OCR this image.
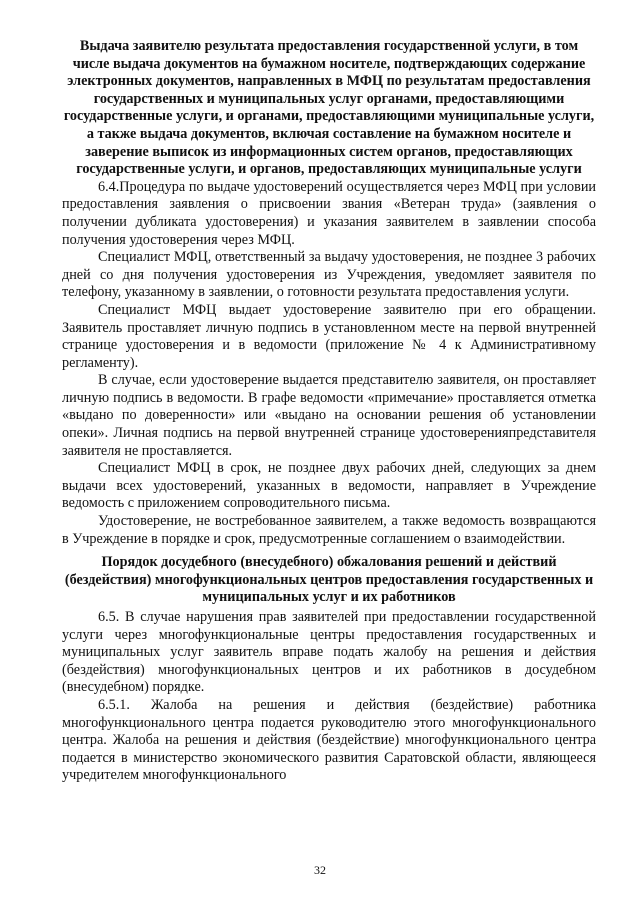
Выдача заявителю результата предоставления государственной услуги, в том числе выдача документов на бумажном носителе, подтверждающих содержание электронных документов, направленных в МФЦ по результатам предоставления государственных и муниципальных услуг органами, предоставляющими государственные услуги, и органами, предоставляющими муниципальные услуги, а также выдача документов, включая составление на бумажном носителе и заверение выписок из информационных систем органов, предоставляющих государственные услуги, и органов, предоставляющих муниципальные услуги

6.4.Процедура по выдаче удостоверений осуществляется через МФЦ при условии предоставления заявления о присвоении звания «Ветеран труда» (заявления о получении дубликата удостоверения) и указания заявителем в заявлении способа получения удостоверения через МФЦ.

Специалист МФЦ, ответственный за выдачу удостоверения, не позднее 3 рабочих дней со дня получения удостоверения из Учреждения, уведомляет заявителя по телефону, указанному в заявлении, о готовности результата предоставления услуги.

Специалист МФЦ выдает удостоверение заявителю при его обращении. Заявитель проставляет личную подпись в установленном месте на первой внутренней странице удостоверения и в ведомости (приложение № 4 к Административному регламенту).

В случае, если удостоверение выдается представителю заявителя, он проставляет личную подпись в ведомости. В графе ведомости «примечание» проставляется отметка «выдано по доверенности» или «выдано на основании решения об установлении опеки». Личная подпись на первой внутренней странице удостоверенияпредставителя заявителя не проставляется.

Специалист МФЦ в срок, не позднее двух рабочих дней, следующих за днем выдачи всех удостоверений, указанных в ведомости, направляет в Учреждение ведомость с приложением сопроводительного письма.

Удостоверение, не востребованное заявителем, а также ведомость возвращаются в Учреждение в порядке и срок, предусмотренные соглашением о взаимодействии.

Порядок досудебного (внесудебного) обжалования решений и действий (бездействия) многофункциональных центров предоставления государственных и муниципальных услуг и их работников

6.5. В случае нарушения прав заявителей при предоставлении государственной услуги через многофункциональные центры предоставления государственных и муниципальных услуг заявитель вправе подать жалобу на решения и действия (бездействия) многофункциональных центров и их работников в досудебном (внесудебном) порядке.

6.5.1. Жалоба на решения и действия (бездействие) работника многофункционального центра подается руководителю этого многофункционального центра. Жалоба на решения и действия (бездействие) многофункционального центра подается в министерство экономического развития Саратовской области, являющееся учредителем многофункционального

32
